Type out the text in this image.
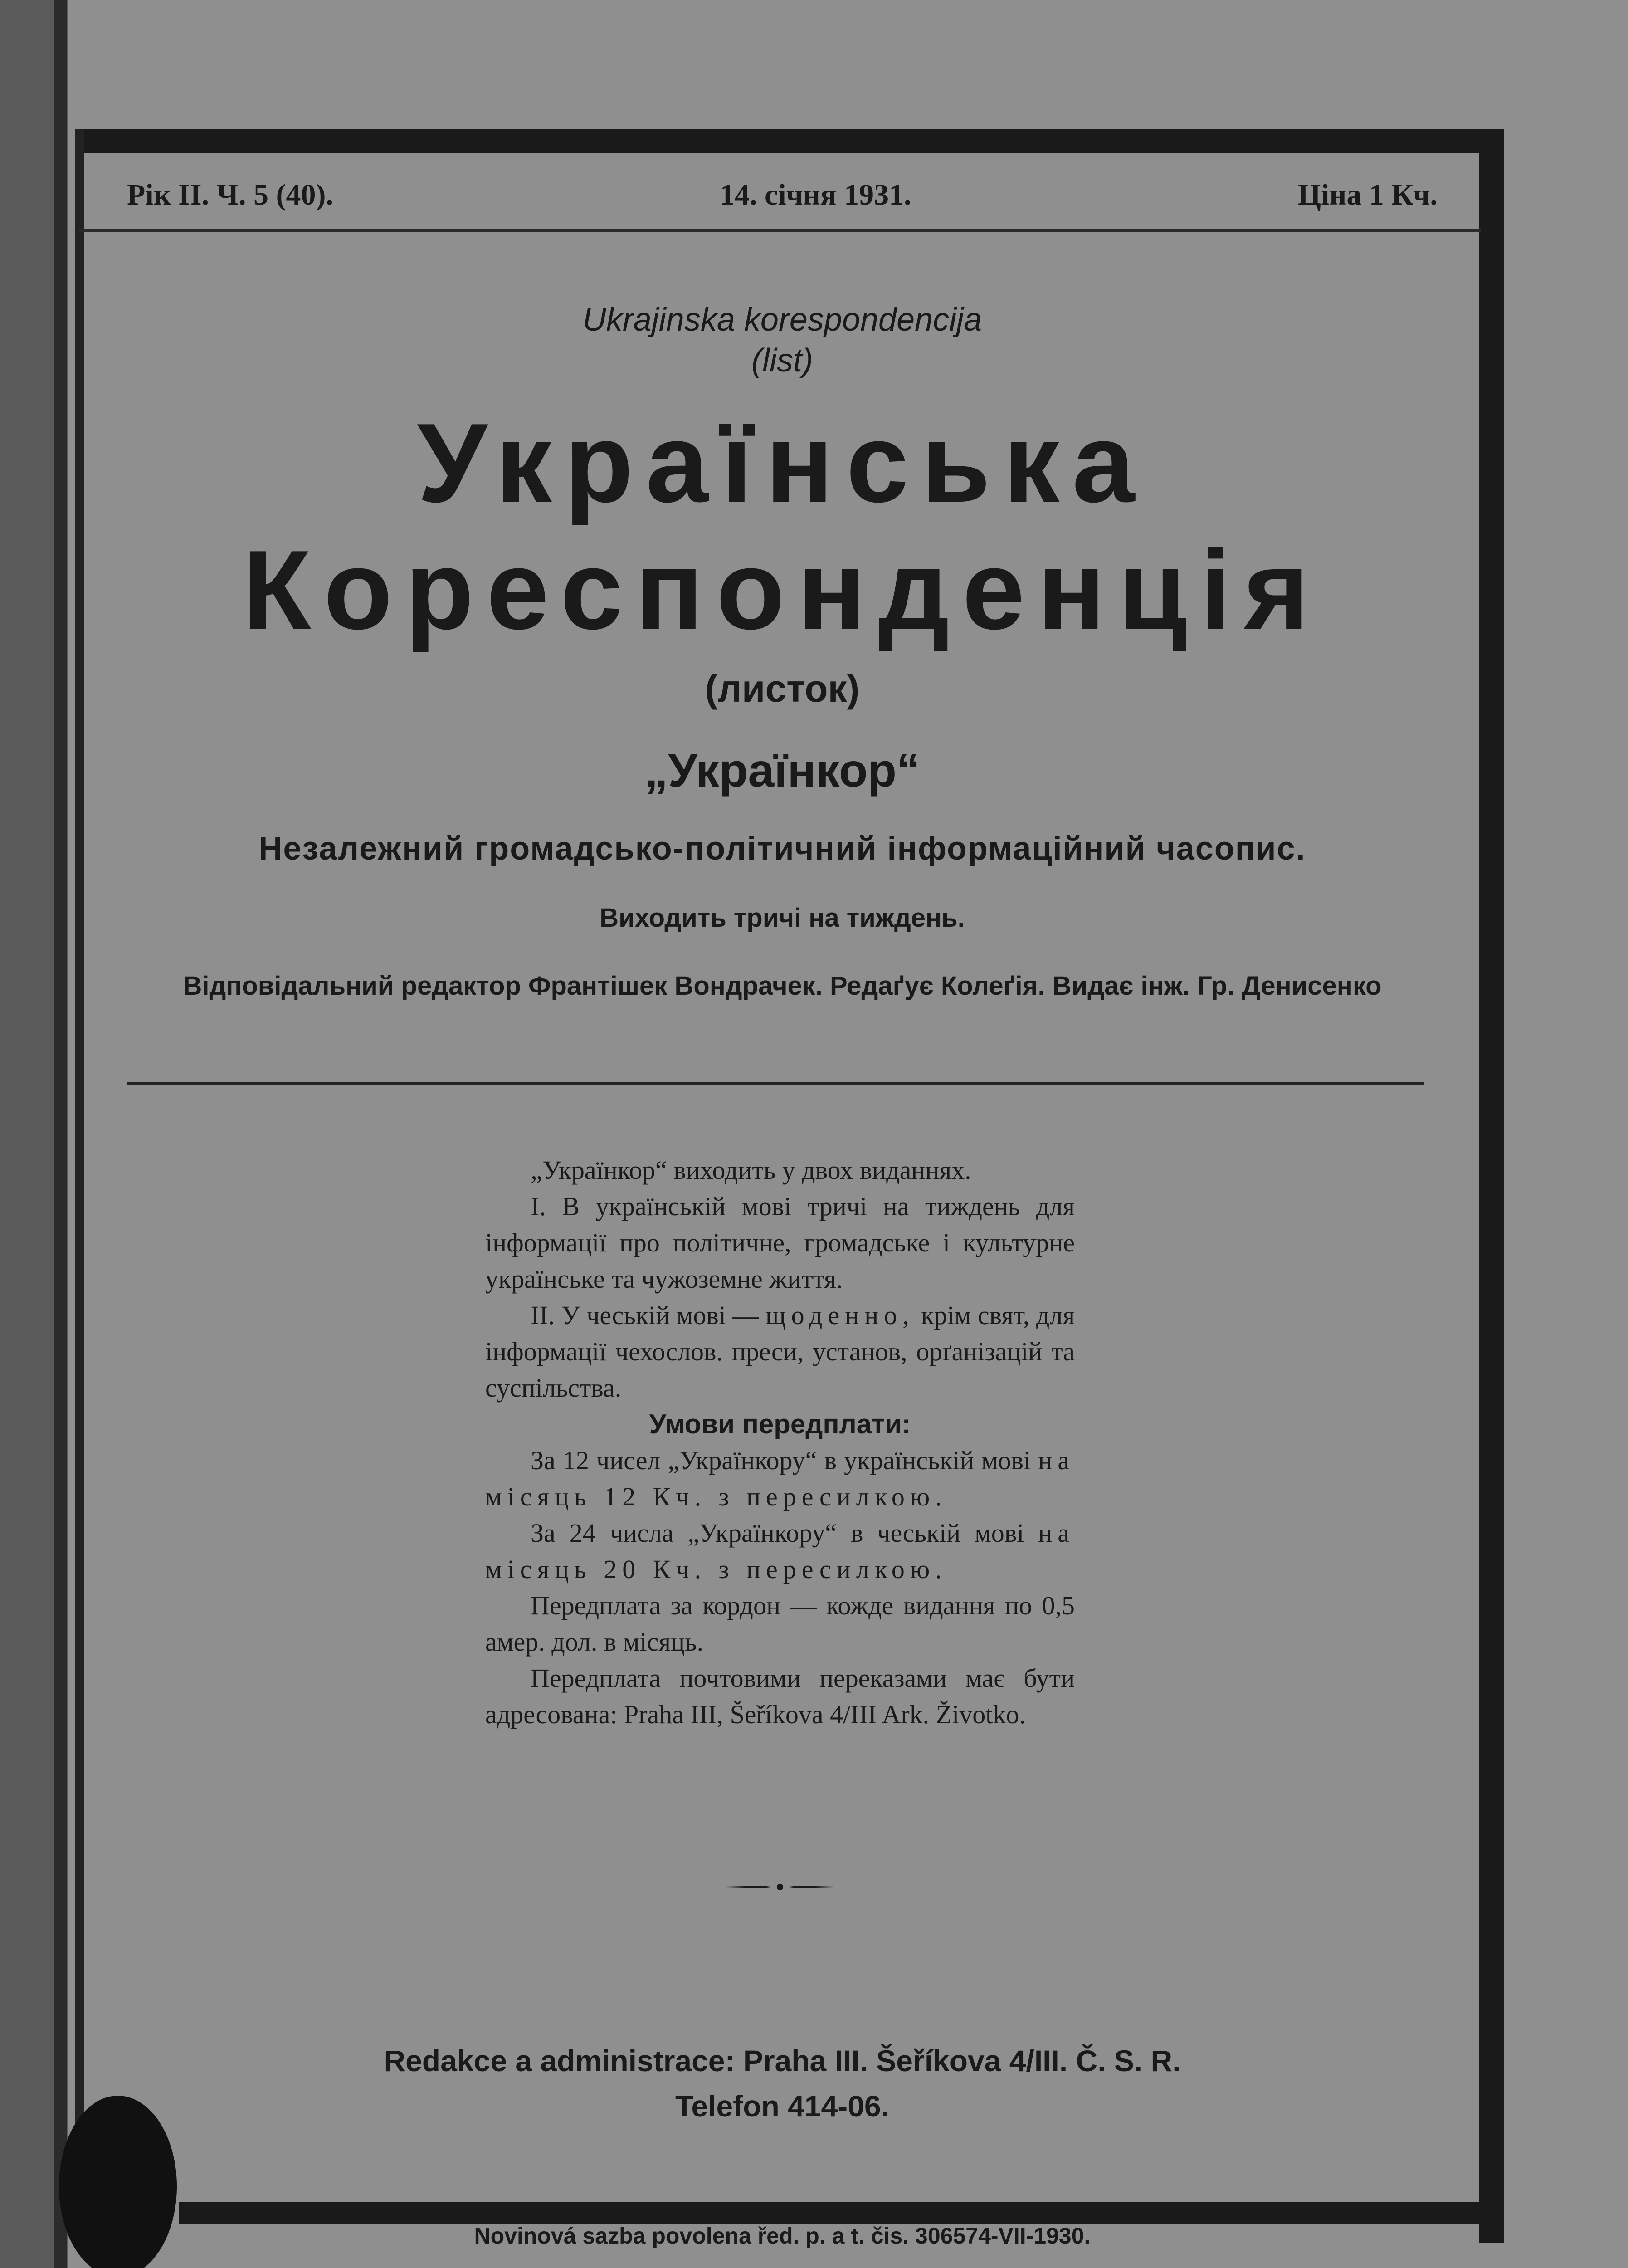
Рік II. Ч. 5 (40).	14. січня 1931.	Ціна 1 Кч.
Ukrajinska korespondencija
(list)
Українська
Кореспонденція
(листок)
„Українкор“
Незалежний громадсько-політичний інформаційний часопис.
Виходить тричі на тиждень.
Відповідальний редактор Франтішек Вондрачек. Редаґує Колеґія. Видає інж. Гр. Денисенко

„Українкор“ виходить у двох виданнях.

I. В українській мові тричі на тиждень для інформації про політичне, громадське і культурне українське та чужоземне життя.

II. У чеській мові — щоденно, крім свят, для інформації чехослов. преси, установ, орґанізацій та суспільства.

Умови передплати:

За 12 чисел „Українкору“ в українській мові на місяць 12 Кч. з пересилкою.

За 24 числа „Українкору“ в чеській мові на місяць 20 Кч. з пересилкою.

Передплата за кордон — кожде видання по 0,5 амер. дол. в місяць.

Передплата почтовими переказами має бути адресована: Praha III, Šeříkova 4/III Ark. Životko.

Redakce a administrace: Praha III. Šeříkova 4/III. Č. S. R.
Telefon 414-06.
Novinová sazba povolena řed. p. a t. čis. 306574-VII-1930.
